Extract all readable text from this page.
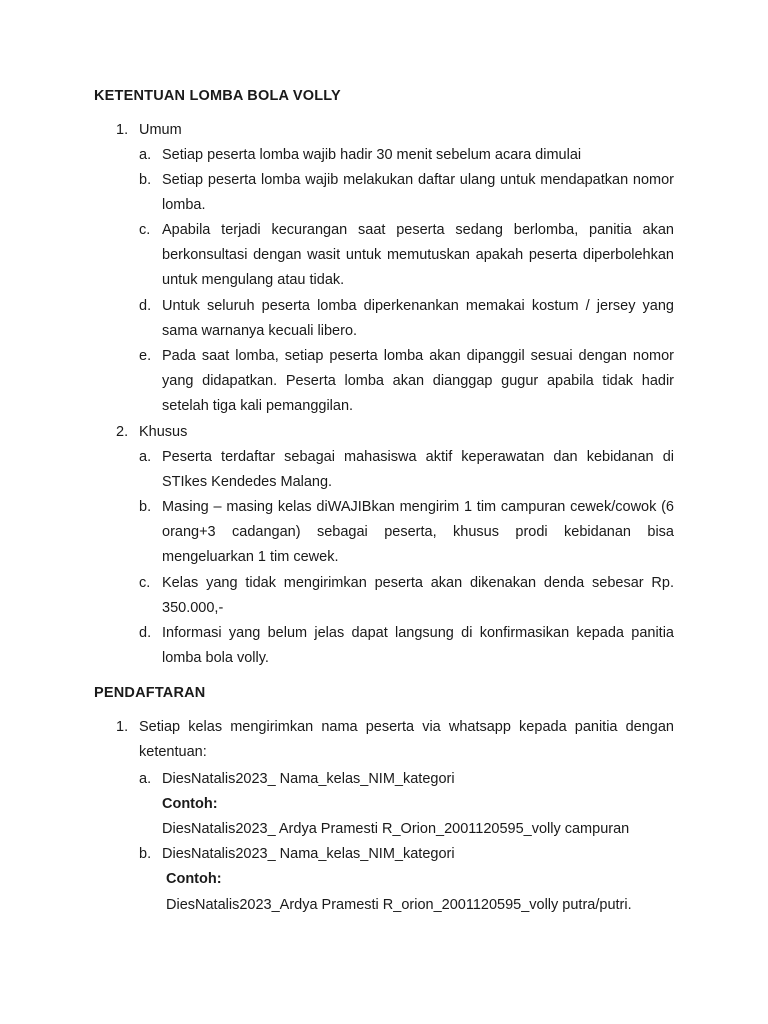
KETENTUAN LOMBA BOLA VOLLY
1. Umum
a. Setiap peserta lomba wajib hadir 30 menit sebelum acara dimulai
b. Setiap peserta lomba wajib melakukan daftar ulang untuk mendapatkan nomor lomba.
c. Apabila terjadi kecurangan saat peserta sedang berlomba, panitia akan berkonsultasi dengan wasit untuk memutuskan apakah peserta diperbolehkan untuk mengulang atau tidak.
d. Untuk seluruh peserta lomba diperkenankan memakai kostum / jersey yang sama warnanya kecuali libero.
e. Pada saat lomba, setiap peserta lomba akan dipanggil sesuai dengan nomor yang didapatkan. Peserta lomba akan dianggap gugur apabila tidak hadir setelah tiga kali pemanggilan.
2. Khusus
a. Peserta terdaftar sebagai mahasiswa aktif keperawatan dan kebidanan di STIkes Kendedes Malang.
b. Masing – masing kelas diWAJIBkan mengirim 1 tim campuran cewek/cowok (6 orang+3 cadangan) sebagai peserta, khusus prodi kebidanan bisa mengeluarkan 1 tim cewek.
c. Kelas yang tidak mengirimkan peserta akan dikenakan denda sebesar Rp. 350.000,-
d. Informasi yang belum jelas dapat langsung di konfirmasikan kepada panitia lomba bola volly.
PENDAFTARAN
1. Setiap kelas mengirimkan nama peserta via whatsapp kepada panitia dengan ketentuan:
a. DiesNatalis2023_ Nama_kelas_NIM_kategori
Contoh:
DiesNatalis2023_ Ardya Pramesti R_Orion_2001120595_volly campuran
b. DiesNatalis2023_ Nama_kelas_NIM_kategori
Contoh:
DiesNatalis2023_Ardya Pramesti R_orion_2001120595_volly putra/putri.
